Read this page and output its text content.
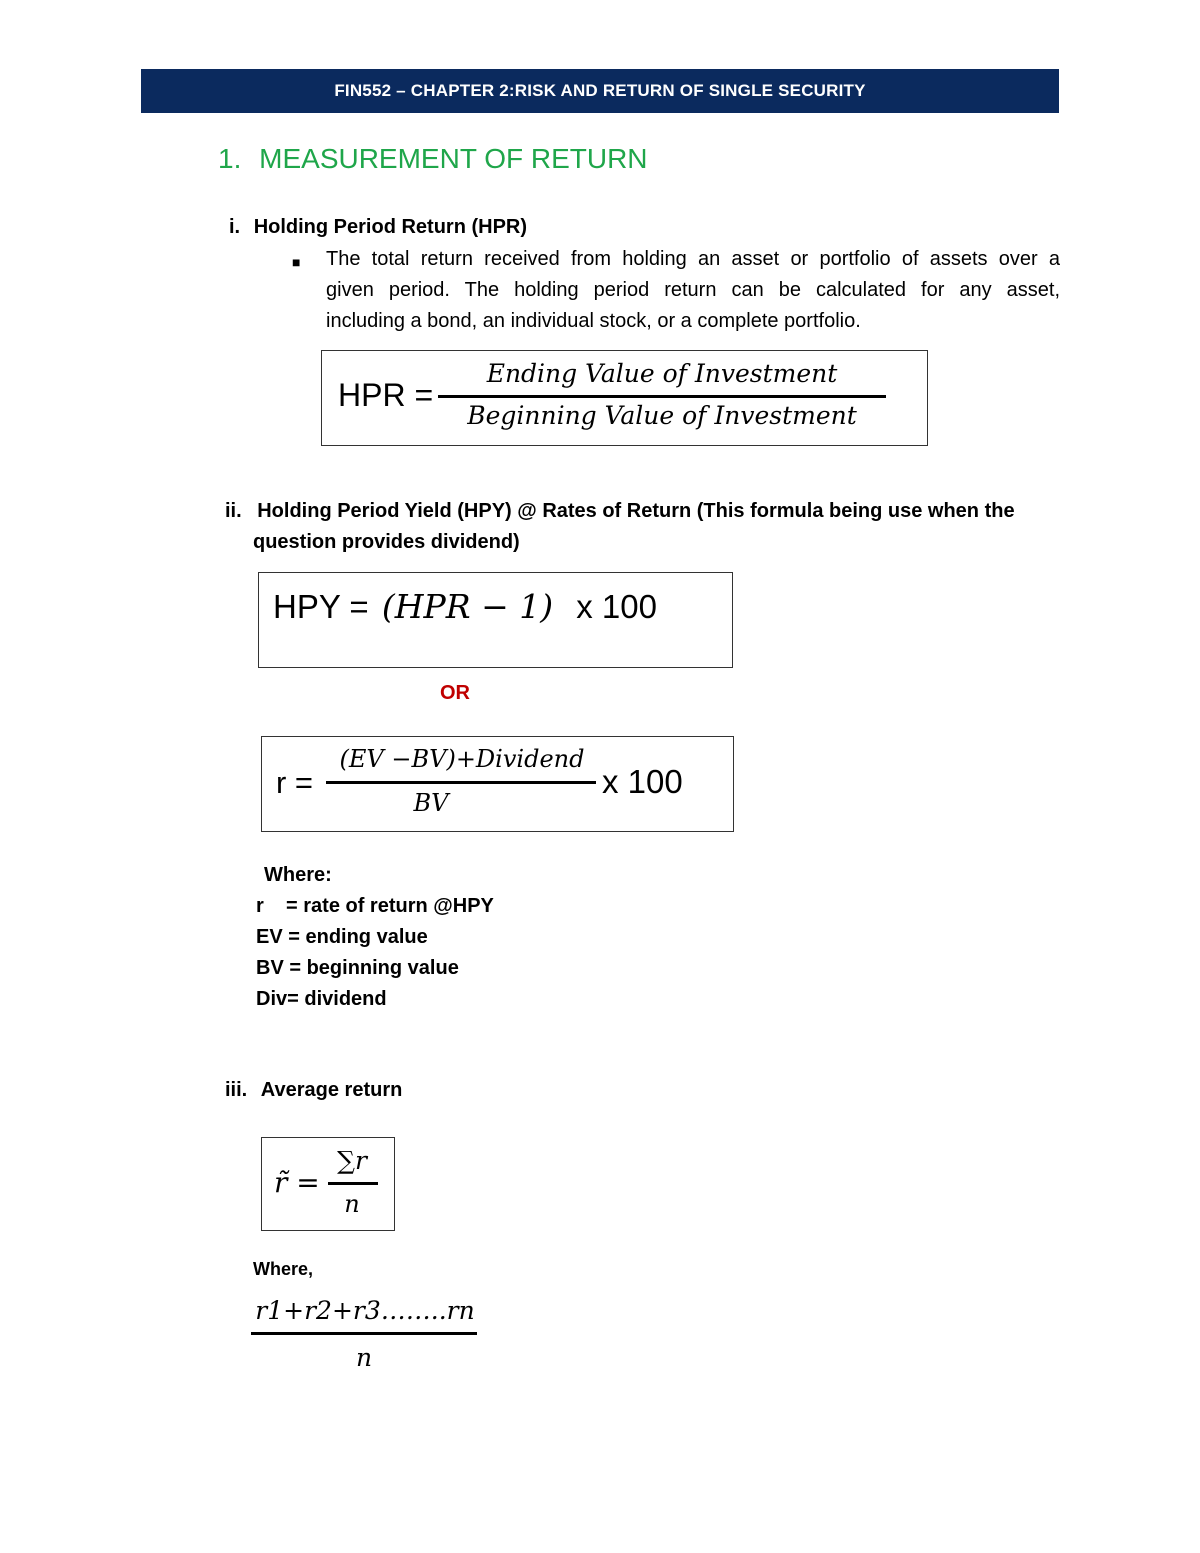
FIN552 – CHAPTER 2:RISK AND RETURN OF SINGLE SECURITY
1. MEASUREMENT OF RETURN
i. Holding Period Return (HPR)
■ The total return received from holding an asset or portfolio of assets over a
given period. The holding period return can be calculated for any asset,
including a bond, an individual stock, or a complete portfolio.
HPR =
Ending Value of Investment
Beginning Value of Investment
ii. Holding Period Yield (HPY) @ Rates of Return (This formula being use when the
question provides dividend)
HPY = (HPR − 1) x 100
OR
r =
(EV −BV)+Dividend
BV
x 100
Where:
r    = rate of return @HPY
EV = ending value
BV = beginning value
Div= dividend
iii. Average return
r̃ =
∑r
n
Where,
r1+r2+r3……..rn
n
